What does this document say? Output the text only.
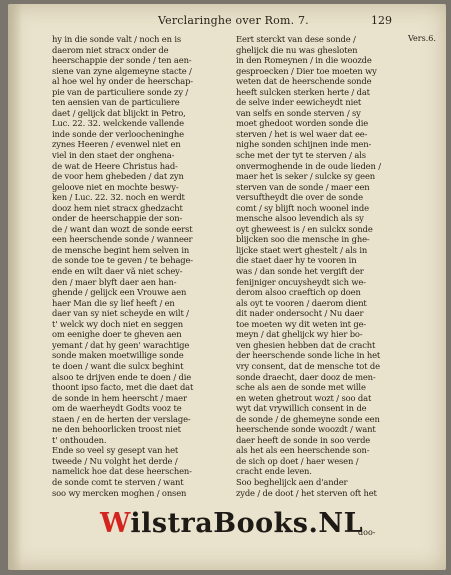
Verclaringhe over Rom. 7.	129
hy in die sonde valt / noch en is
daerom niet stracx onder de
heerschappie der sonde / ten aen-
siene van zyne algemeyne stacte /
al hoe wel hy onder de heerschap-
pie van de particuliere sonde zy /
ten aensien van de particuliere
daet / gelijck dat blijckt in Petro,
Luc. 22. 32. welckende vallende
inde sonde der verloocheninghe
zynes Heeren / evenwel niet en
viel in den staet der onghena-
de wat de Heere Christus had-
de voor hem ghebeden / dat zyn
geloove niet en mochte beswy-
ken / Luc. 22. 32. noch en werdt
dooz hem niet stracx ghedzacht
onder de heerschappie der son-
de / want dan wozt de sonde eerst
een heerschende sonde / wanneer
de mensche begint hem selven in
de sonde toe te geven / te behage-
ende en wilt daer vã niet schey-
den / maer blyft daer aen han-
ghende / gelijck een Vrouwe aen
haer Man die sy lief heeft / en
daer van sy niet scheyde en wilt /
t' welck wy doch niet en seggen
om eenighe doer te gheven aen
yemant / dat hy geen' warachtige
sonde maken moetwillige sonde
te doen / want die sulcx beghint
alsoo te drijven ende te doen / die
thoont ipso facto, met die daet dat
de sonde in hem heerscht / maer
om de waerheydt Godts vooz te
staen / en de herten der verslage-
ne den behoorlicken troost niet
t' onthouden.
Ende so veel sy gesept van het
tweede / Nu volght het derde /
namelick hoe dat dese heerschen-
de sonde comt te sterven / want
soo wy mercken moghen / onsen
Eert sterckt van dese sonde /
ghelijck die nu was ghesloten
in den Romeynen / in die woozde
gesproecken / Dier toe moeten wy
weten dat de heerschende sonde
heeft sulcken sterken herte / dat
de selve inder eewicheydt niet
van selfs en sonde sterven / sy
moet ghedoot worden sonde die
sterven / het is wel waer dat ee-
nighe sonden schijnen inde men-
sche met der tyt te sterven / als
onvermoghende in de oude lieden /
maer het is seker / sulcke sy geen
sterven van de sonde / maer een
versuftheydt die over de sonde
comt / sy blijft noch woonel inde
mensche alsoo levendich als sy
oyt gheweest is / en sulckx sonde
blijcken soo die mensche in ghe-
lijcke staet wert ghestelt / als in
die staet daer hy te vooren in
was / dan sonde het vergift der
fenijniger oncuysheydt sich we-
derom alsoo craeftich op doen
als oyt te vooren / daerom dient
dit nader ondersocht / Nu daer
toe moeten wy dit weten int ge-
meyn / dat ghelijck wy hier bo-
ven ghesien hebben dat de cracht
der heerschende sonde liche in het
vry consent, dat de mensche tot de
sonde draecht, daer dooz de men-
sche als aen de sonde met wille
en weten ghetrout wozt / soo dat
wyt dat vrywillich consent in de
de sonde / de ghemeyne sonde een
heerschende sonde woozdt / want
daer heeft de sonde in soo verde
als het als een heerschende son-
de sich op doet / haer wesen /
cracht ende leven.
Soo beghelijck aen d'ander
zyde / de doot / het sterven oft het
Vers.6.
doo-
WilstraBooks.NL
